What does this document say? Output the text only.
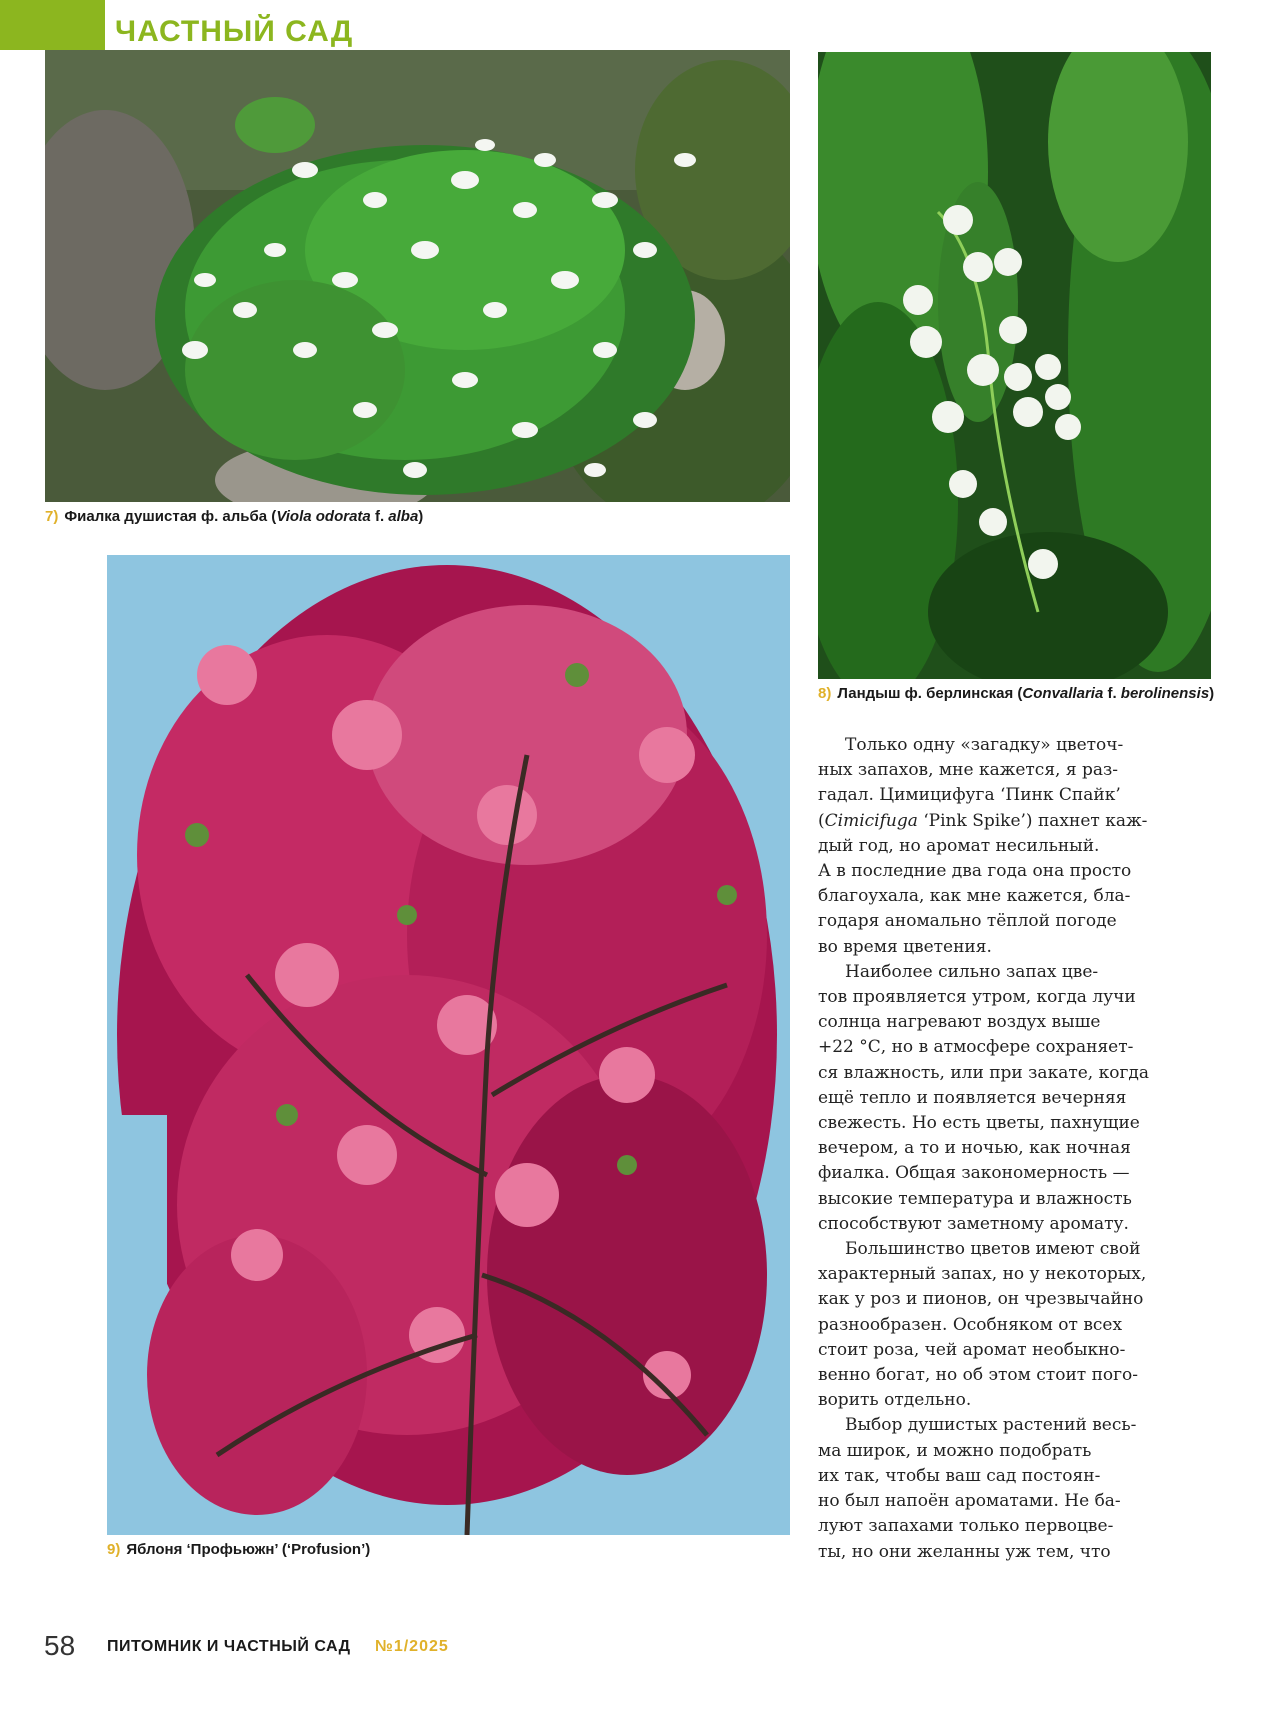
ЧАСТНЫЙ САД

7) Фиалка душистая ф. альба (Viola odorata f. alba)

8) Ландыш ф. берлинская (Convallaria f. berolinensis)

9) Яблоня ‘Профьюжн’ (‘Profusion’)

Только одну «загадку» цветоч-
ных запахов, мне кажется, я раз-
гадал. Цимицифуга ‘Пинк Спайк’
(Cimicifuga ‘Pink Spike’) пахнет каж-
дый год, но аромат несильный.
А в последние два года она просто
благоухала, как мне кажется, бла-
годаря аномально тёплой погоде
во время цветения.

Наиболее сильно запах цве-
тов проявляется утром, когда лучи
солнца нагревают воздух выше
+22 °С, но в атмосфере сохраняет-
ся влажность, или при закате, когда
ещё тепло и появляется вечерняя
свежесть. Но есть цветы, пахнущие
вечером, а то и ночью, как ночная
фиалка. Общая закономерность —
высокие температура и влажность
способствуют заметному аромату.

Большинство цветов имеют свой
характерный запах, но у некоторых,
как у роз и пионов, он чрезвычайно
разнообразен. Особняком от всех
стоит роза, чей аромат необыкно-
венно богат, но об этом стоит пого-
ворить отдельно.

Выбор душистых растений весь-
ма широк, и можно подобрать
их так, чтобы ваш сад постоян-
но был напоён ароматами. Не ба-
луют запахами только первоцве-
ты, но они желанны уж тем, что

58 ПИТОМНИК И ЧАСТНЫЙ САД №1/2025
